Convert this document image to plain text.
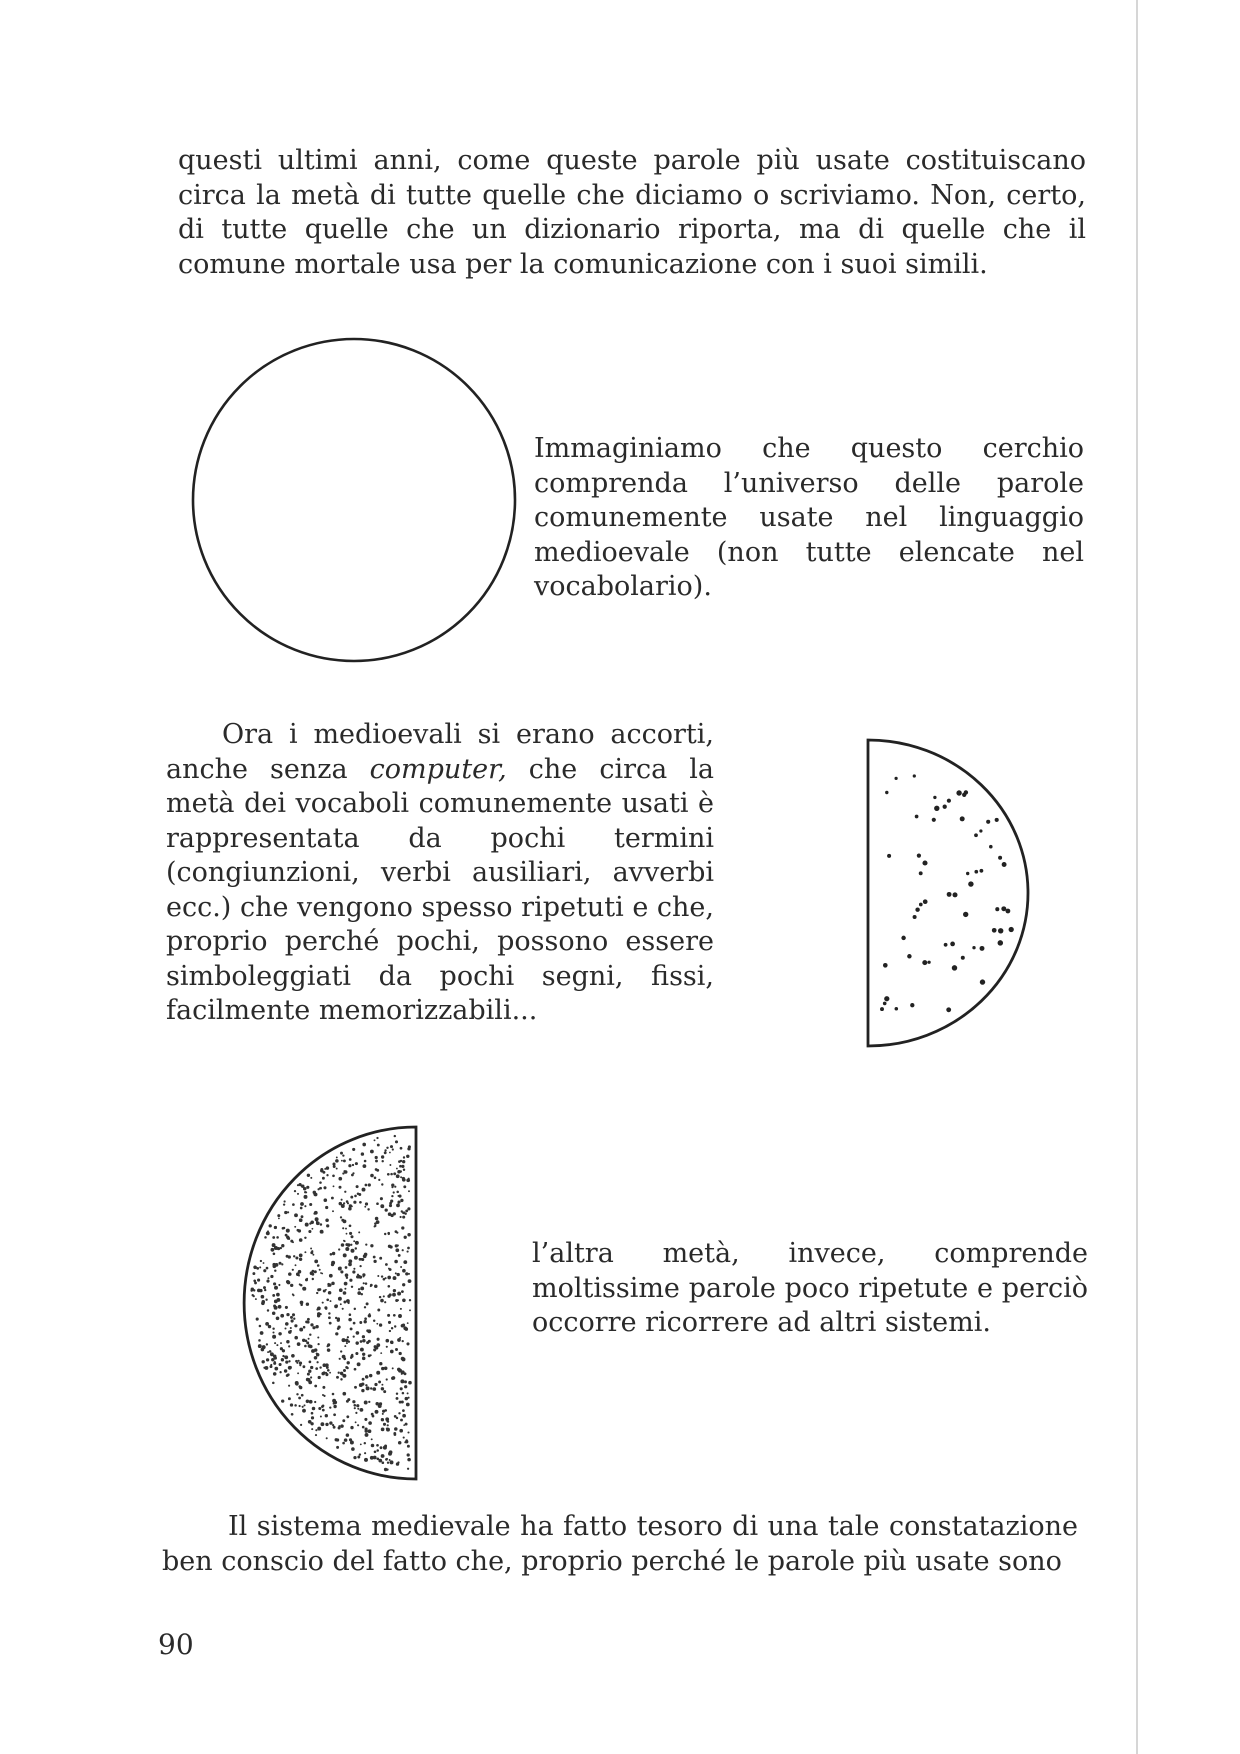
questi ultimi anni, come queste parole più usate costituiscano circa la metà di tutte quelle che diciamo o scriviamo. Non, certo, di tutte quelle che un dizionario riporta, ma di quelle che il comune mortale usa per la comunicazione con i suoi simili.

Immaginiamo che questo cerchio comprenda l’universo delle parole comunemente usate nel linguaggio medioevale (non tutte elencate nel vocabolario).

Ora i medioevali si erano accorti, anche senza computer, che circa la metà dei vocaboli comunemente usati è rappresentata da pochi termini (congiunzioni, verbi ausiliari, avverbi ecc.) che vengono spesso ripetuti e che, proprio perché pochi, possono essere simboleggiati da pochi segni, fissi, facilmente memorizzabili...

l’altra metà, invece, comprende moltissime parole poco ripetute e perciò occorre ricorrere ad altri sistemi.

Il sistema medievale ha fatto tesoro di una tale constatazione ben conscio del fatto che, proprio perché le parole più usate sono

90
